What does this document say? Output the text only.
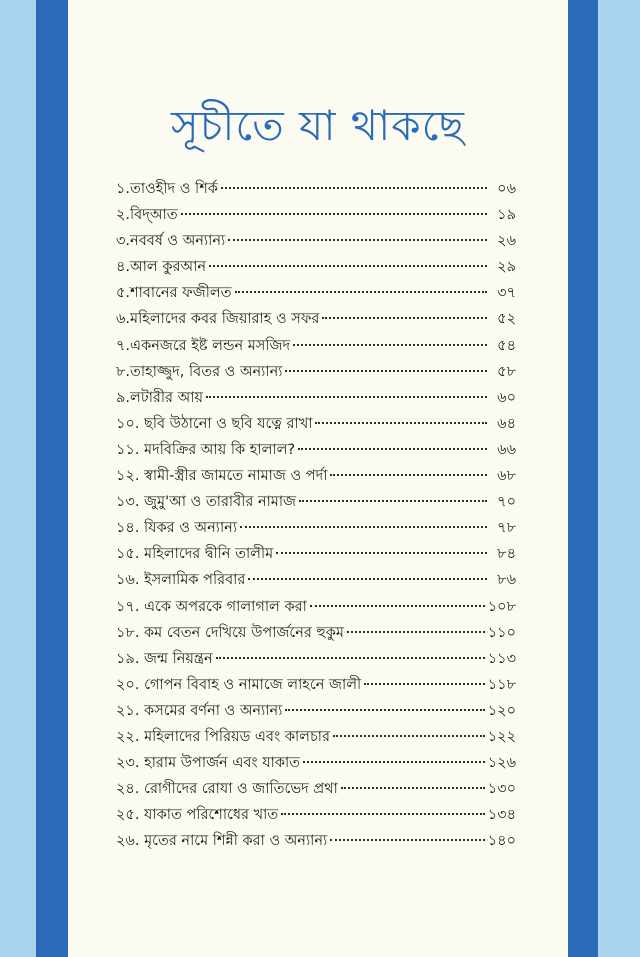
সূচীতে যা থাকছে
১.তাওহীদ ও শির্ক	০৬
২.বিদ্আত	১৯
৩.নববর্ষ ও অন্যান্য	২৬
৪.আল কুরআন	২৯
৫.শাবানের ফজীলত	৩৭
৬.মহিলাদের কবর জিয়ারাহ ও সফর	৫২
৭.একনজরে ইষ্ট লন্ডন মসজিদ	৫৪
৮.তাহাজ্জুদ, বিতর ও অন্যান্য	৫৮
৯.লটারীর আয়	৬০
১০. ছবি উঠানো ও ছবি যত্নে রাখা	৬৪
১১. মদবিক্রির আয় কি হালাল?	৬৬
১২. স্বামী-স্ত্রীর জামতে নামাজ ও পর্দা	৬৮
১৩. জুমু'আ ও তারাবীর নামাজ	৭০
১৪. যিকর ও অন্যান্য	৭৮
১৫. মহিলাদের দ্বীনি তালীম	৮৪
১৬. ইসলামিক পরিবার	৮৬
১৭. একে অপরকে গালাগাল করা	১০৮
১৮. কম বেতন দেখিয়ে উপার্জনের হুকুম	১১০
১৯. জন্ম নিয়ন্ত্রন	১১৩
২০. গোপন বিবাহ ও নামাজে লাহনে জালী	১১৮
২১. কসমের বর্ণনা ও অন্যান্য	১২০
২২. মহিলাদের পিরিয়ড এবং কালচার	১২২
২৩. হারাম উপার্জন এবং যাকাত	১২৬
২৪. রোগীদের রোযা ও জাতিভেদ প্রথা	১৩০
২৫. যাকাত পরিশোধের খাত	১৩৪
২৬. মৃতের নামে শিন্নী করা ও অন্যান্য	১৪০
